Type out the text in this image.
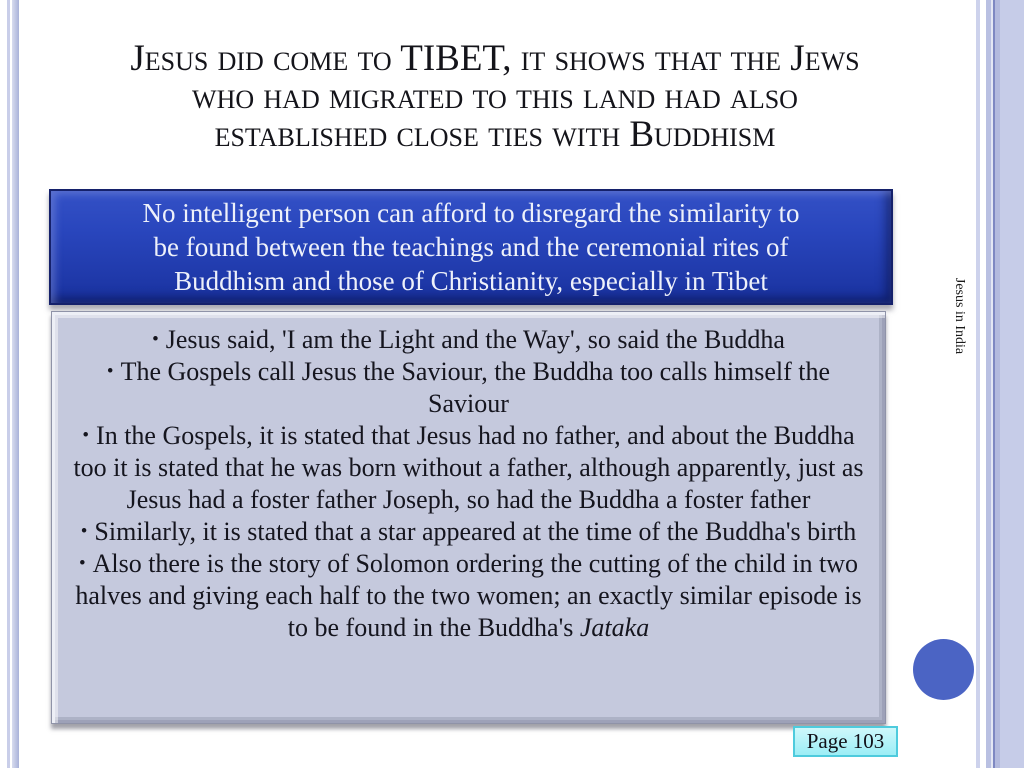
Jesus did come to TIBET, it shows that the Jews
who had migrated to this land had also
established close ties with Buddhism
No intelligent person can afford to disregard the similarity to
be found between the teachings and the ceremonial rites of
Buddhism and those of Christianity, especially in Tibet
• Jesus said, 'I am the Light and the Way', so said the Buddha
• The Gospels call Jesus the Saviour, the Buddha too calls himself the Saviour
• In the Gospels, it is stated that Jesus had no father, and about the Buddha too it is stated that he was born without a father, although apparently, just as Jesus had a foster father Joseph, so had the Buddha a foster father
• Similarly, it is stated that a star appeared at the time of the Buddha's birth
• Also there is the story of Solomon ordering the cutting of the child in two halves and giving each half to the two women; an exactly similar episode is to be found in the Buddha's Jataka
Jesus in India
Page 103
